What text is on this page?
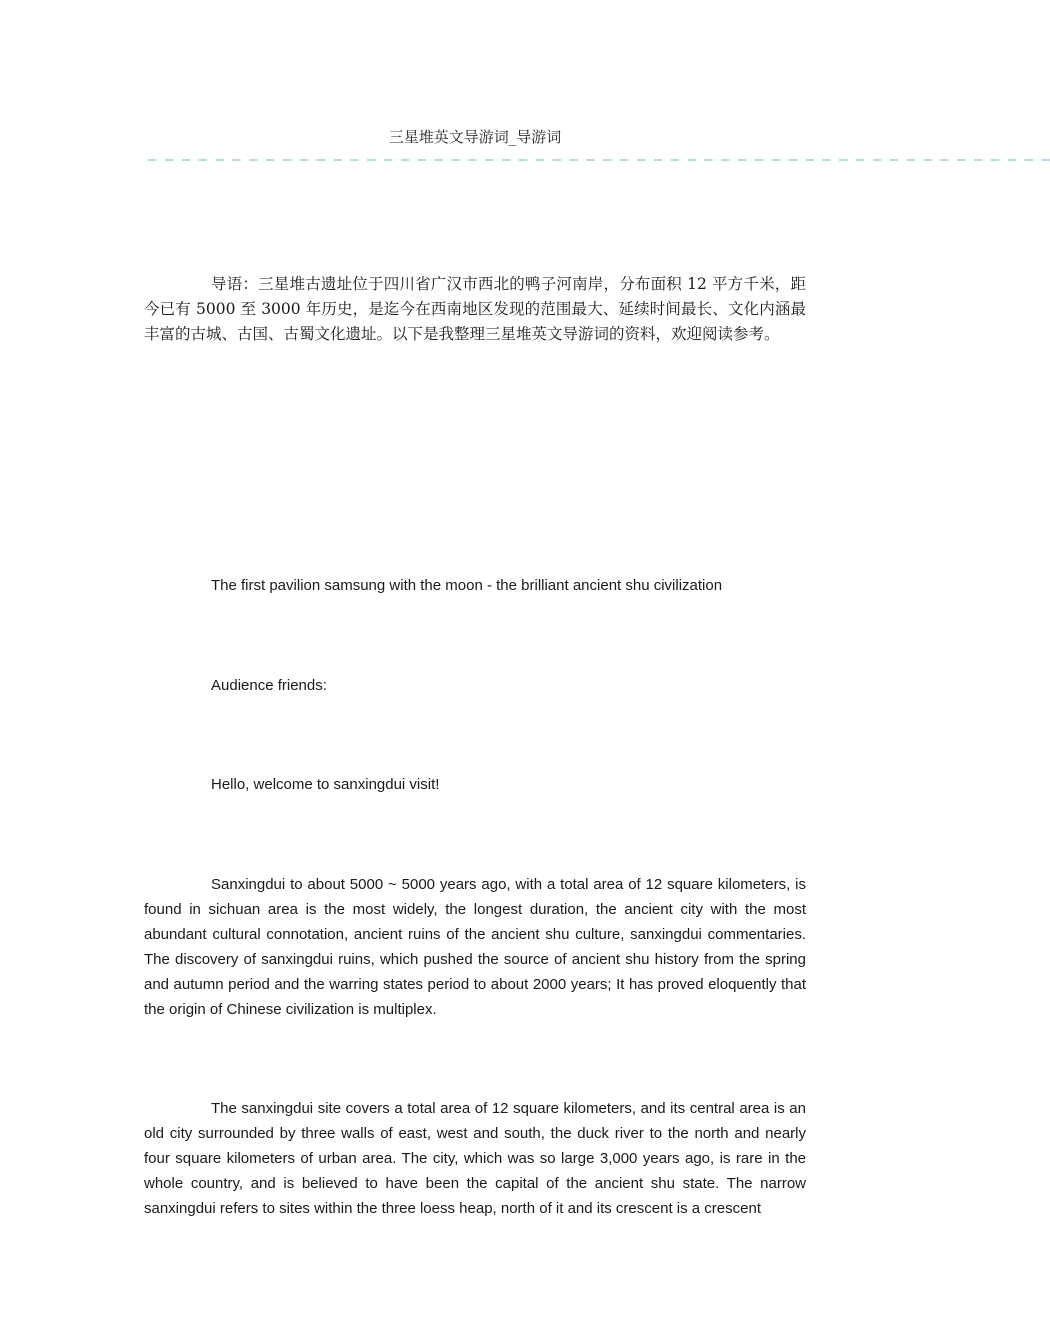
三星堆英文导游词_导游词
— — — — — — — — — — — — — — — — — — — — — — — — — — — — — — — — — — — — — — — — — — — — — — — — — — — — — —

导语：三星堆古遗址位于四川省广汉市西北的鸭子河南岸，分布面积 12 平方千米，距今已有 5000 至 3000 年历史，是迄今在西南地区发现的范围最大、延续时间最长、文化内涵最丰富的古城、古国、古蜀文化遗址。以下是我整理三星堆英文导游词的资料，欢迎阅读参考。

The first pavilion samsung with the moon - the brilliant ancient shu civilization
Audience friends:
Hello, welcome to sanxingdui visit!

Sanxingdui to about 5000 ~ 5000 years ago, with a total area of 12 square kilometers, is found in sichuan area is the most widely, the longest duration, the ancient city with the most abundant cultural connotation, ancient ruins of the ancient shu culture, sanxingdui commentaries. The discovery of sanxingdui ruins, which pushed the source of ancient shu history from the spring and autumn period and the warring states period to about 2000 years; It has proved eloquently that the origin of Chinese civilization is multiplex.

The sanxingdui site covers a total area of 12 square kilometers, and its central area is an old city surrounded by three walls of east, west and south, the duck river to the north and nearly four square kilometers of urban area. The city, which was so large 3,000 years ago, is rare in the whole country, and is believed to have been the capital of the ancient shu state. The narrow sanxingdui refers to sites within the three loess heap, north of it and its crescent is a crescent
